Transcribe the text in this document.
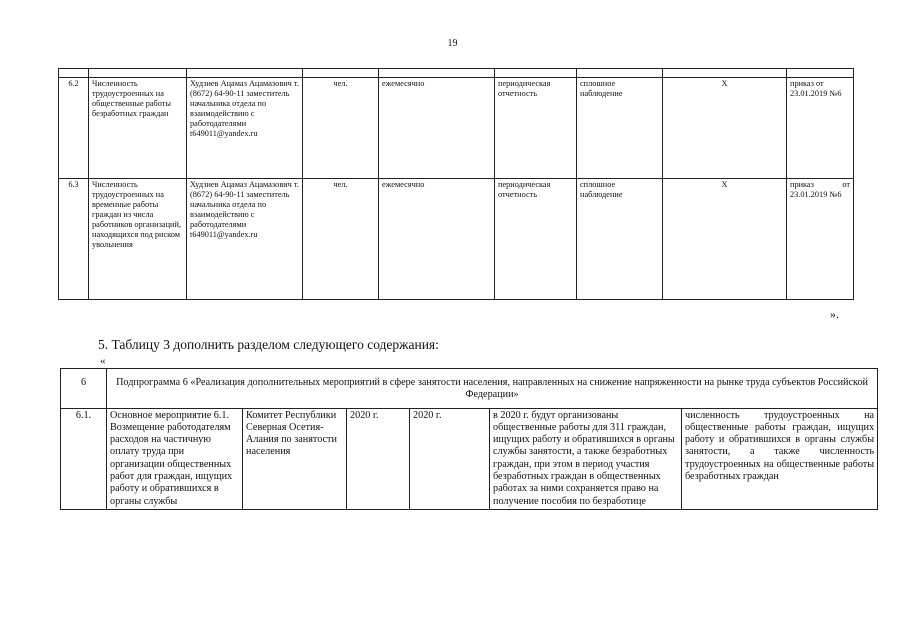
19

6.2	Численность трудоустроенных на общественные работы безработных граждан	Худзиев Ацамаз Ацамазович т. (8672) 64-90-11 заместитель начальника отдела по взаимодействию с работодателями t649011@yandex.ru	чел.	ежемесячно	периодическая отчетность	сплошное наблюдение	Х	приказ от 23.01.2019 №6
6.3	Численность трудоустроенных на временные работы граждан из числа работников организаций, находящихся под риском увольнения	Худзиев Ацамаз Ацамазович т. (8672) 64-90-11 заместитель начальника отдела по взаимодействию с работодателями t649011@yandex.ru	чел.	ежемесячно	периодическая отчетность	сплошное наблюдение	Х	приказ от 23.01.2019 №6
».
5. Таблицу 3 дополнить разделом следующего содержания:
«
6	Подпрограмма 6 «Реализация дополнительных мероприятий в сфере занятости населения, направленных на снижение напряженности на рынке труда субъектов Российской Федерации»					
6.1.	Основное мероприятие 6.1. Возмещение работодателям расходов на частичную оплату труда при организации общественных работ для граждан, ищущих работу и обратившихся в органы службы	Комитет Республики Северная Осетия-Алания по занятости населения	2020 г.	2020 г.	в 2020 г. будут организованы общественные работы для 311 граждан, ищущих работу и обратившихся в органы службы занятости, а также безработных граждан, при этом в период участия безработных граждан в общественных работах за ними сохраняется право на получение пособия по безработице	численность трудоустроенных на общественные работы граждан, ищущих работу и обратившихся в органы службы занятости, а также численность трудоустроенных на общественные работы безработных граждан
